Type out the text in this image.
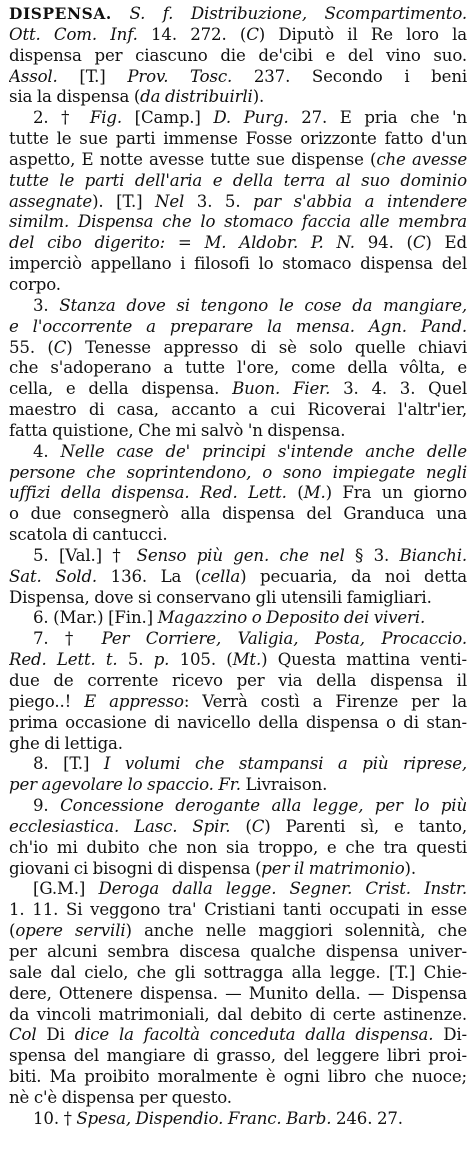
DISPENSA. S. f. Distribuzione, Scompartimento.
Ott. Com. Inf. 14. 272. (C) Diputò il Re loro la
dispensa per ciascuno die de'cibi e del vino suo.
Assol. [T.] Prov. Tosc. 237. Secondo i beni
sia la dispensa (da distribuirli).
2. † Fig. [Camp.] D. Purg. 27. E pria che 'n
tutte le sue parti immense Fosse orizzonte fatto d'un
aspetto, E notte avesse tutte sue dispense (che avesse
tutte le parti dell'aria e della terra al suo dominio
assegnate). [T.] Nel 3. 5. par s'abbia a intendere
similm. Dispensa che lo stomaco faccia alle membra
del cibo digerito: = M. Aldobr. P. N. 94. (C) Ed
imperciò appellano i filosofi lo stomaco dispensa del
corpo.
3. Stanza dove si tengono le cose da mangiare,
e l'occorrente a preparare la mensa. Agn. Pand.
55. (C) Tenesse appresso di sè solo quelle chiavi
che s'adoperano a tutte l'ore, come della vôlta, e
cella, e della dispensa. Buon. Fier. 3. 4. 3. Quel
maestro di casa, accanto a cui Ricoverai l'altr'ier,
fatta quistione, Che mi salvò 'n dispensa.
4. Nelle case de' principi s'intende anche delle
persone che soprintendono, o sono impiegate negli
uffizi della dispensa. Red. Lett. (M.) Fra un giorno
o due consegnerò alla dispensa del Granduca una
scatola di cantucci.
5. [Val.] † Senso più gen. che nel § 3. Bianchi.
Sat. Sold. 136. La (cella) pecuaria, da noi detta
Dispensa, dove si conservano gli utensili famigliari.
6. (Mar.) [Fin.] Magazzino o Deposito dei viveri.
7. † Per Corriere, Valigia, Posta, Procaccio.
Red. Lett. t. 5. p. 105. (Mt.) Questa mattina venti-
due de corrente ricevo per via della dispensa il
piego..! E appresso: Verrà costì a Firenze per la
prima occasione di navicello della dispensa o di stan-
ghe di lettiga.
8. [T.] I volumi che stampansi a più riprese,
per agevolare lo spaccio. Fr. Livraison.
9. Concessione derogante alla legge, per lo più
ecclesiastica. Lasc. Spir. (C) Parenti sì, e tanto,
ch'io mi dubito che non sia troppo, e che tra questi
giovani ci bisogni di dispensa (per il matrimonio).
[G.M.] Deroga dalla legge. Segner. Crist. Instr.
1. 11. Si veggono tra' Cristiani tanti occupati in esse
(opere servili) anche nelle maggiori solennità, che
per alcuni sembra discesa qualche dispensa univer-
sale dal cielo, che gli sottragga alla legge. [T.] Chie-
dere, Ottenere dispensa. — Munito della. — Dispensa
da vincoli matrimoniali, dal debito di certe astinenze.
Col Di dice la facoltà conceduta dalla dispensa. Di-
spensa del mangiare di grasso, del leggere libri proi-
biti. Ma proibito moralmente è ogni libro che nuoce;
nè c'è dispensa per questo.
10. † Spesa, Dispendio. Franc. Barb. 246. 27.
